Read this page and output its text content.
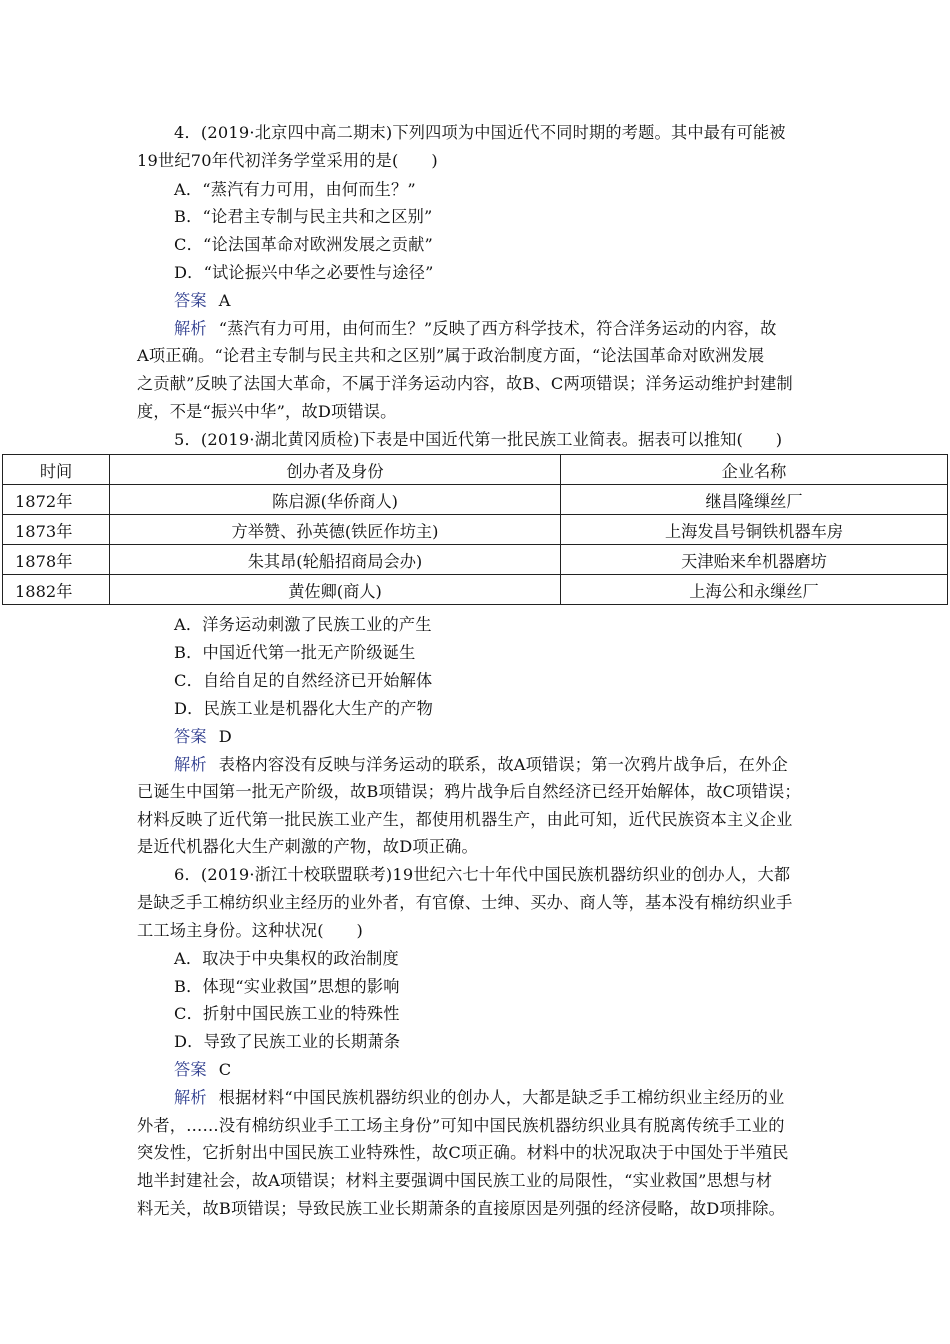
4．(2019·北京四中高二期末)下列四项为中国近代不同时期的考题。其中最有可能被
19世纪70年代初洋务学堂采用的是(　　)
A．“蒸汽有力可用，由何而生？”
B．“论君主专制与民主共和之区别”
C．“论法国革命对欧洲发展之贡献”
D．“试论振兴中华之必要性与途径”
答案 A
解析 “蒸汽有力可用，由何而生？”反映了西方科学技术，符合洋务运动的内容，故
A项正确。“论君主专制与民主共和之区别”属于政治制度方面，“论法国革命对欧洲发展
之贡献”反映了法国大革命，不属于洋务运动内容，故B、C两项错误；洋务运动维护封建制
度，不是“振兴中华”，故D项错误。
5．(2019·湖北黄冈质检)下表是中国近代第一批民族工业简表。据表可以推知(　　)
时间	创办者及身份	企业名称
1872年	陈启源(华侨商人)	继昌隆缫丝厂
1873年	方举赞、孙英德(铁匠作坊主)	上海发昌号铜铁机器车房
1878年	朱其昂(轮船招商局会办)	天津贻来牟机器磨坊
1882年	黄佐卿(商人)	上海公和永缫丝厂
A．洋务运动刺激了民族工业的产生
B．中国近代第一批无产阶级诞生
C．自给自足的自然经济已开始解体
D．民族工业是机器化大生产的产物
答案 D
解析 表格内容没有反映与洋务运动的联系，故A项错误；第一次鸦片战争后，在外企
已诞生中国第一批无产阶级，故B项错误；鸦片战争后自然经济已经开始解体，故C项错误；
材料反映了近代第一批民族工业产生，都使用机器生产，由此可知，近代民族资本主义企业
是近代机器化大生产刺激的产物，故D项正确。
6．(2019·浙江十校联盟联考)19世纪六七十年代中国民族机器纺织业的创办人，大都
是缺乏手工棉纺织业主经历的业外者，有官僚、士绅、买办、商人等，基本没有棉纺织业手
工工场主身份。这种状况(　　)
A．取决于中央集权的政治制度
B．体现“实业救国”思想的影响
C．折射中国民族工业的特殊性
D．导致了民族工业的长期萧条
答案 C
解析 根据材料“中国民族机器纺织业的创办人，大都是缺乏手工棉纺织业主经历的业
外者，……没有棉纺织业手工工场主身份”可知中国民族机器纺织业具有脱离传统手工业的
突发性，它折射出中国民族工业特殊性，故C项正确。材料中的状况取决于中国处于半殖民
地半封建社会，故A项错误；材料主要强调中国民族工业的局限性，“实业救国”思想与材
料无关，故B项错误；导致民族工业长期萧条的直接原因是列强的经济侵略，故D项排除。
